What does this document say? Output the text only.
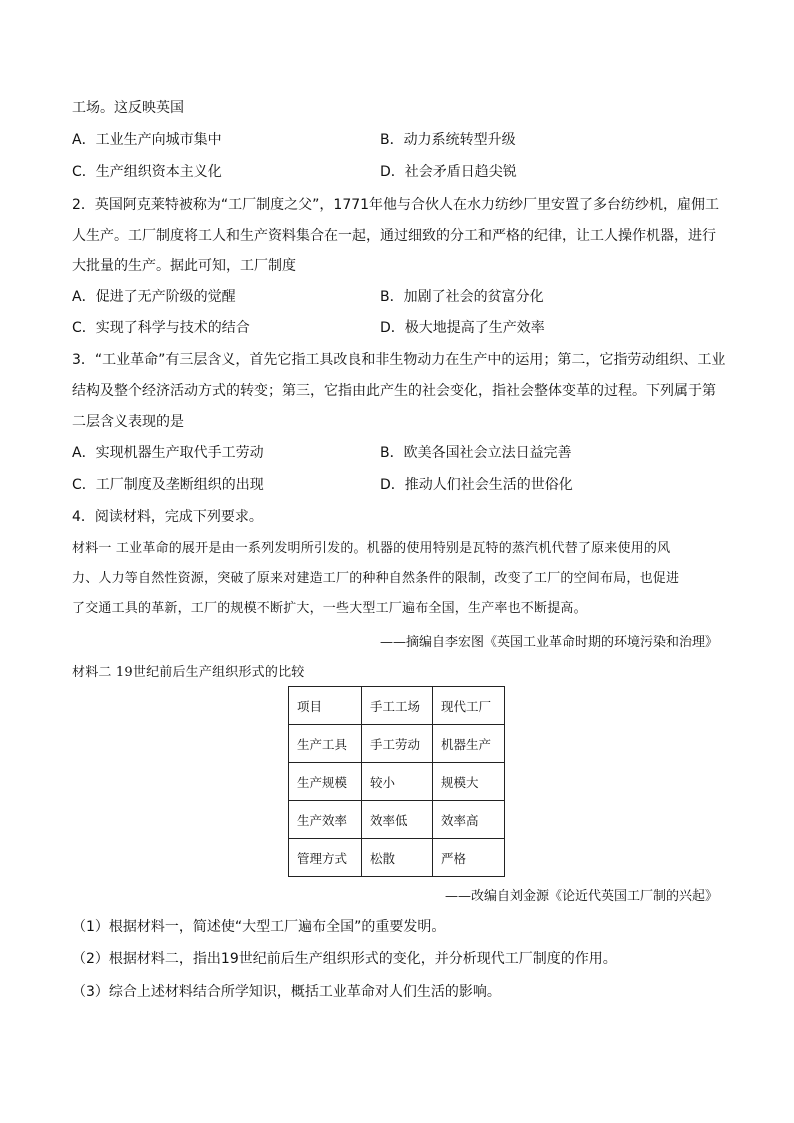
工场。这反映英国
A．工业生产向城市集中	B．动力系统转型升级
C．生产组织资本主义化	D．社会矛盾日趋尖锐
2．英国阿克莱特被称为“工厂制度之父”，1771年他与合伙人在水力纺纱厂里安置了多台纺纱机，雇佣工
人生产。工厂制度将工人和生产资料集合在一起，通过细致的分工和严格的纪律，让工人操作机器，进行
大批量的生产。据此可知，工厂制度
A．促进了无产阶级的觉醒	B．加剧了社会的贫富分化
C．实现了科学与技术的结合	D．极大地提高了生产效率
3．“工业革命”有三层含义，首先它指工具改良和非生物动力在生产中的运用；第二，它指劳动组织、工业
结构及整个经济活动方式的转变；第三，它指由此产生的社会变化，指社会整体变革的过程。下列属于第
二层含义表现的是
A．实现机器生产取代手工劳动	B．欧美各国社会立法日益完善
C．工厂制度及垄断组织的出现	D．推动人们社会生活的世俗化
4．阅读材料，完成下列要求。
材料一 工业革命的展开是由一系列发明所引发的。机器的使用特别是瓦特的蒸汽机代替了原来使用的风
力、人力等自然性资源，突破了原来对建造工厂的种种自然条件的限制，改变了工厂的空间布局，也促进
了交通工具的革新，工厂的规模不断扩大，一些大型工厂遍布全国，生产率也不断提高。
——摘编自李宏图《英国工业革命时期的环境污染和治理》
材料二 19世纪前后生产组织形式的比较
项目	手工工场	现代工厂
生产工具	手工劳动	机器生产
生产规模	较小	规模大
生产效率	效率低	效率高
管理方式	松散	严格
——改编自刘金源《论近代英国工厂制的兴起》
（1）根据材料一，简述使“大型工厂遍布全国”的重要发明。
（2）根据材料二，指出19世纪前后生产组织形式的变化，并分析现代工厂制度的作用。
（3）综合上述材料结合所学知识，概括工业革命对人们生活的影响。
